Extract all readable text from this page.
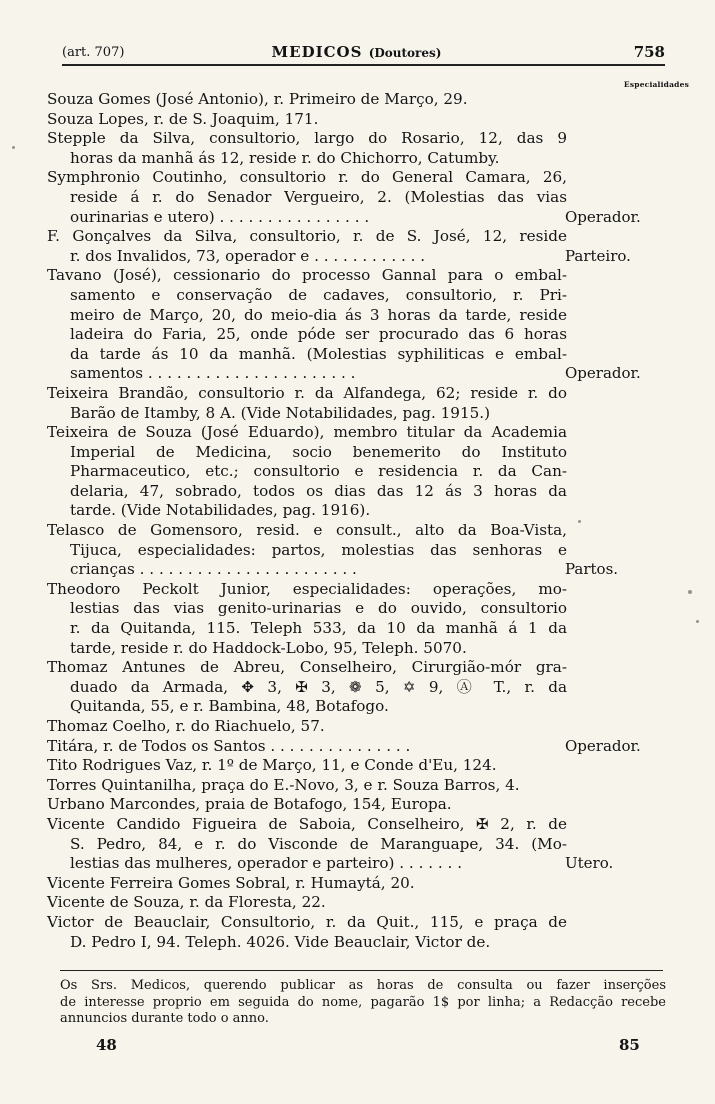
(art. 707)	MEDICOS (Doutores)	758
Especialidades
Souza Gomes (José Antonio), r. Primeiro de Março, 29.
Souza Lopes, r. de S. Joaquim, 171.
Stepple da Silva, consultorio, largo do Rosario, 12, das 9
horas da manhã ás 12, reside r. do Chichorro, Catumby.
Symphronio Coutinho, consultorio r. do General Camara, 26,
reside á r. do Senador Vergueiro, 2. (Molestias das vias
ourinarias e utero) . . . . . . . . . . . . . . . .	Operador.
F. Gonçalves da Silva, consultorio, r. de S. José, 12, reside
r. dos Invalidos, 73, operador e . . . . . . . . . . . .	Parteiro.
Tavano (José), cessionario do processo Gannal para o embal-
samento e conservação de cadaves, consultorio, r. Pri-
meiro de Março, 20, do meio-dia ás 3 horas da tarde, reside
ladeira do Faria, 25, onde póde ser procurado das 6 horas
da tarde ás 10 da manhã. (Molestias syphiliticas e embal-
samentos . . . . . . . . . . . . . . . . . . . . . .	Operador.
Teixeira Brandão, consultorio r. da Alfandega, 62; reside r. do
Barão de Itamby, 8 A. (Vide Notabilidades, pag. 1915.)
Teixeira de Souza (José Eduardo), membro titular da Academia
Imperial de Medicina, socio benemerito do Instituto
Pharmaceutico, etc.; consultorio e residencia r. da Can-
delaria, 47, sobrado, todos os dias das 12 ás 3 horas da
tarde. (Vide Notabilidades, pag. 1916).
Telasco de Gomensoro, resid. e consult., alto da Boa-Vista,
Tijuca, especialidades: partos, molestias das senhoras e
crianças . . . . . . . . . . . . . . . . . . . . . . .	Partos.
Theodoro Peckolt Junior, especialidades: operações, mo-
lestias das vias genito-urinarias e do ouvido, consultorio
r. da Quitanda, 115. Teleph 533, da 10 da manhã á 1 da
tarde, reside r. do Haddock-Lobo, 95, Teleph. 5070.
Thomaz Antunes de Abreu, Conselheiro, Cirurgião-mór gra-
duado da Armada, ✥ 3, ✠ 3, ❁ 5, ✡ 9, Ⓐ T., r. da
Quitanda, 55, e r. Bambina, 48, Botafogo.
Thomaz Coelho, r. do Riachuelo, 57.
Titára, r. de Todos os Santos . . . . . . . . . . . . . . .	Operador.
Tito Rodrigues Vaz, r. 1º de Março, 11, e Conde d'Eu, 124.
Torres Quintanilha, praça do E.-Novo, 3, e r. Souza Barros, 4.
Urbano Marcondes, praia de Botafogo, 154, Europa.
Vicente Candido Figueira de Saboia, Conselheiro, ✠ 2, r. de
S. Pedro, 84, e r. do Visconde de Maranguape, 34. (Mo-
lestias das mulheres, operador e parteiro) . . . . . . .	Utero.
Vicente Ferreira Gomes Sobral, r. Humaytá, 20.
Vicente de Souza, r. da Floresta, 22.
Victor de Beauclair, Consultorio, r. da Quit., 115, e praça de
D. Pedro I, 94. Teleph. 4026. Vide Beauclair, Victor de.
Os Srs. Medicos, querendo publicar as horas de consulta ou fazer inserções
de interesse proprio em seguida do nome, pagarão 1$ por linha; a Redacção recebe
annuncios durante todo o anno.
48	85
